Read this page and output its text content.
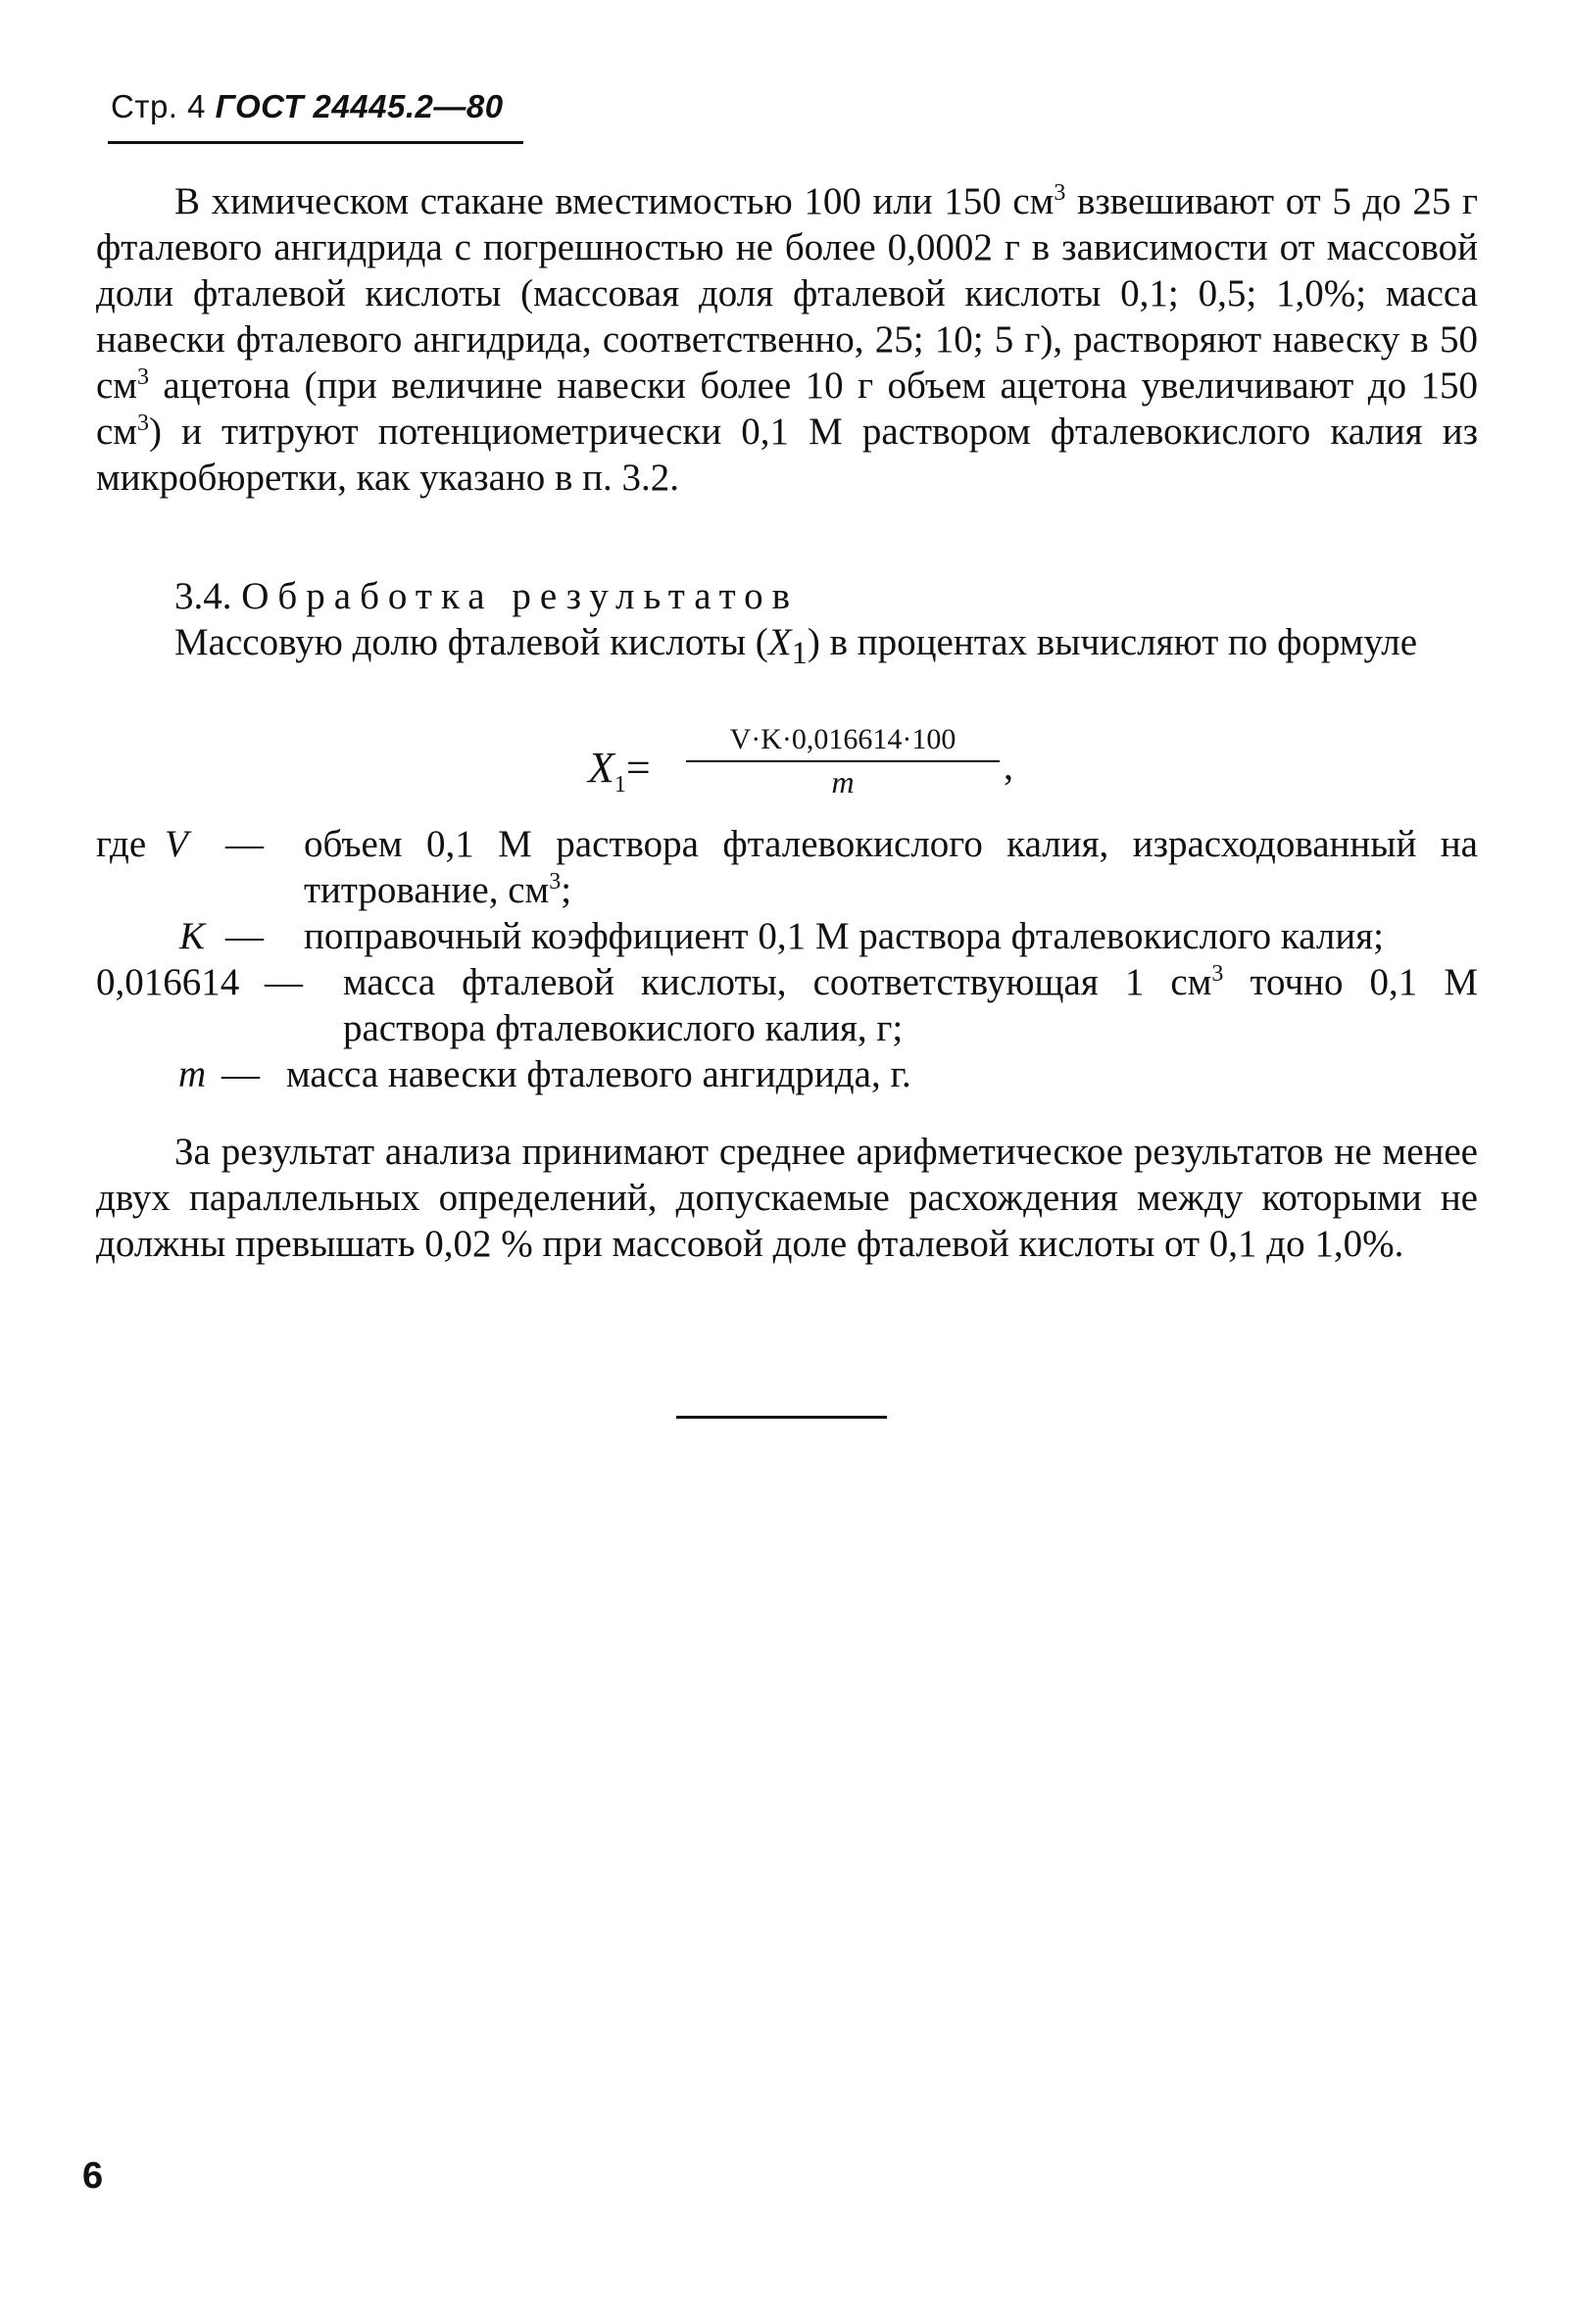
Стр. 4 ГОСТ 24445.2—80
В химическом стакане вместимостью 100 или 150 $см^3$ взвешивают от 5 до 25 г фталевого ангидрида с погрешностью не более 0,0002 г в зависимости от массовой доли фталевой кислоты (массовая доля фталевой кислоты 0,1; 0,5; 1,0%; масса навески фталевого ангидрида, соответственно, 25; 10; 5 г), растворяют навеску в 50 $см^3$ ацетона (при величине навески более 10 г объем ацетона увеличивают до 150 $см^3$) и титруют потенциометрически 0,1 М раствором фталевокислого калия из микробюретки, как указано в п. 3.2.
3.4. Обработка результатов
Массовую долю фталевой кислоты $(X_1)$ в процентах вычисляют по формуле
$X_1= \frac{V\cdot K\cdot 0,016614\cdot 100}{m}$ ,
где V — объем 0,1 М раствора фталевокислого калия, израсходованный на титрование, $см^3$;
K — поправочный коэффициент 0,1 М раствора фталевокислого калия;
0,016614 — масса фталевой кислоты, соответствующая 1 $см^3$ точно 0,1 М раствора фталевокислого калия, г;
m — масса навески фталевого ангидрида, г.
За результат анализа принимают среднее арифметическое результатов не менее двух параллельных определений, допускаемые расхождения между которыми не должны превышать 0,02 % при массовой доле фталевой кислоты от 0,1 до 1,0%.
6
